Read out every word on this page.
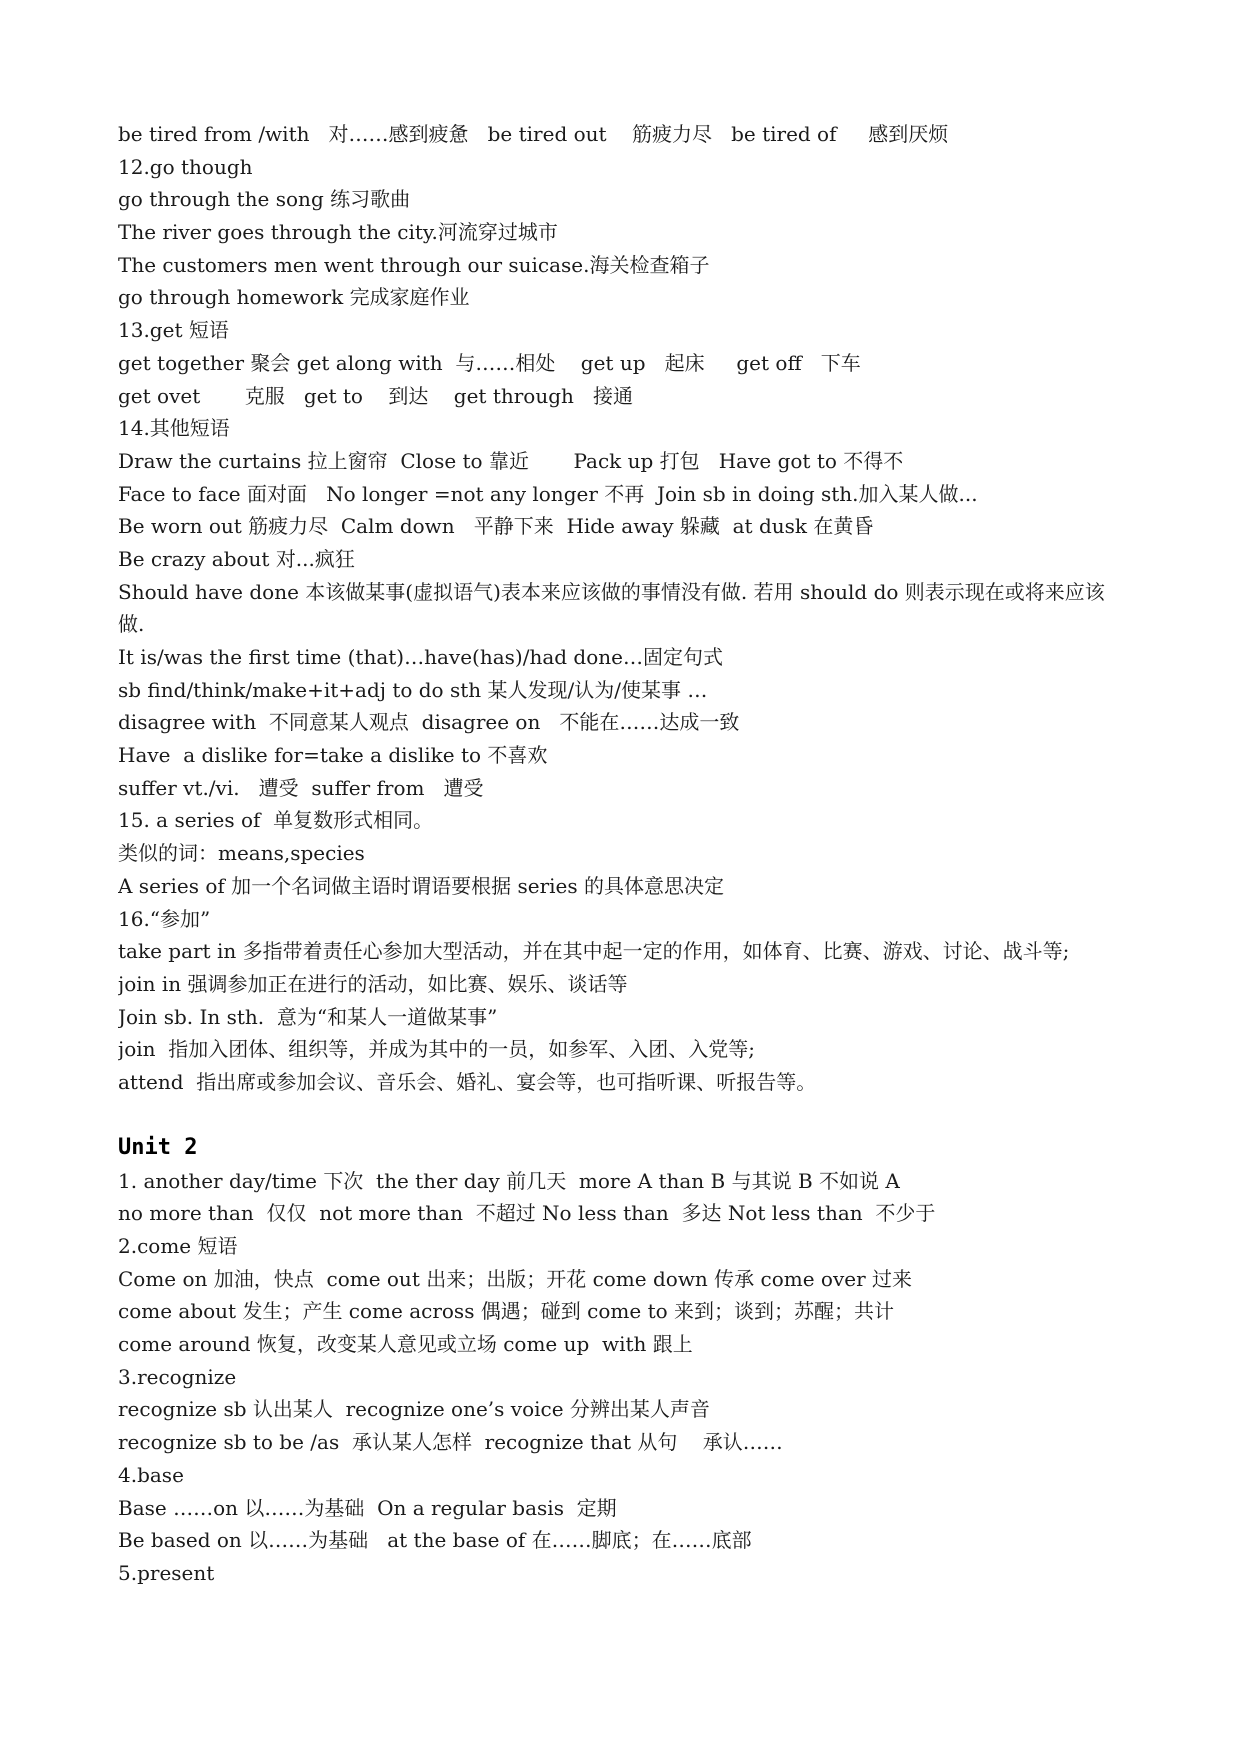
be tired from /with   对……感到疲惫   be tired out    筋疲力尽   be tired of     感到厌烦
12.go though
go through the song 练习歌曲
The river goes through the city.河流穿过城市
The customers men went through our suicase.海关检查箱子
go through homework 完成家庭作业
13.get 短语
get together 聚会 get along with  与……相处    get up   起床     get off   下车
get ovet       克服   get to    到达    get through   接通
14.其他短语
Draw the curtains 拉上窗帘  Close to 靠近       Pack up 打包   Have got to 不得不
Face to face 面对面   No longer =not any longer 不再  Join sb in doing sth.加入某人做...
Be worn out 筋疲力尽  Calm down   平静下来  Hide away 躲藏  at dusk 在黄昏
Be crazy about 对...疯狂
Should have done 本该做某事(虚拟语气)表本来应该做的事情没有做. 若用 should do 则表示现在或将来应该做.
It is/was the first time (that)…have(has)/had done…固定句式
sb find/think/make+it+adj to do sth 某人发现/认为/使某事 …
disagree with  不同意某人观点  disagree on   不能在……达成一致
Have  a dislike for=take a dislike to 不喜欢
suffer vt./vi.   遭受  suffer from   遭受
15. a series of  单复数形式相同。
类似的词：means,species
A series of 加一个名词做主语时谓语要根据 series 的具体意思决定
16.“参加”
take part in 多指带着责任心参加大型活动，并在其中起一定的作用，如体育、比赛、游戏、讨论、战斗等;
join in 强调参加正在进行的活动，如比赛、娱乐、谈话等
Join sb. In sth.  意为“和某人一道做某事”
join  指加入团体、组织等，并成为其中的一员，如参军、入团、入党等;
attend  指出席或参加会议、音乐会、婚礼、宴会等，也可指听课、听报告等。
Unit 2
1. another day/time 下次  the ther day 前几天  more A than B 与其说 B 不如说 A
no more than  仅仅  not more than  不超过 No less than  多达 Not less than  不少于
2.come 短语
Come on 加油，快点  come out 出来；出版；开花 come down 传承 come over 过来
come about 发生；产生 come across 偶遇；碰到 come to 来到；谈到；苏醒；共计
come around 恢复，改变某人意见或立场 come up  with 跟上
3.recognize
recognize sb 认出某人  recognize one’s voice 分辨出某人声音
recognize sb to be /as  承认某人怎样  recognize that 从句    承认……
4.base
Base ……on 以……为基础  On a regular basis  定期
Be based on 以……为基础   at the base of 在……脚底；在……底部
5.present
